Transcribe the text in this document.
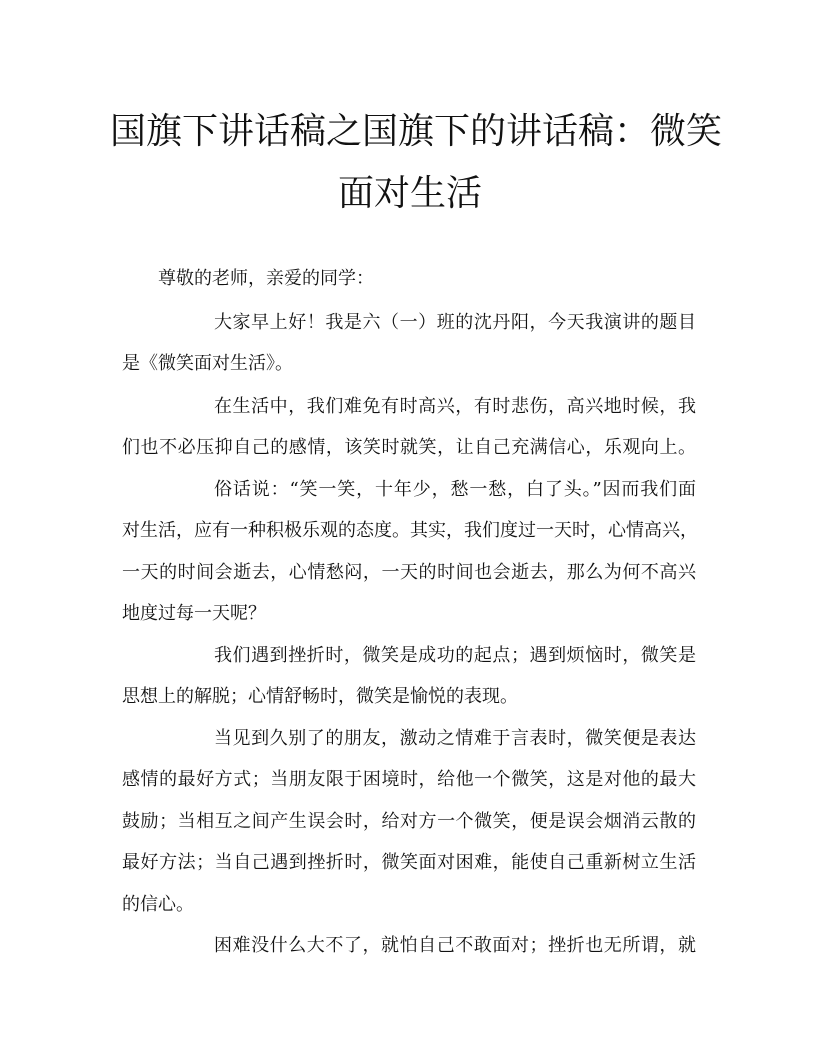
国旗下讲话稿之国旗下的讲话稿：微笑
面对生活
尊敬的老师，亲爱的同学：
大家早上好！我是六（一）班的沈丹阳，今天我演讲的题目
是《微笑面对生活》。
在生活中，我们难免有时高兴，有时悲伤，高兴地时候，我
们也不必压抑自己的感情，该笑时就笑，让自己充满信心，乐观向上。
俗话说：“笑一笑，十年少，愁一愁，白了头。”因而我们面
对生活，应有一种积极乐观的态度。其实，我们度过一天时，心情高兴，
一天的时间会逝去，心情愁闷，一天的时间也会逝去，那么为何不高兴
地度过每一天呢？
我们遇到挫折时，微笑是成功的起点；遇到烦恼时，微笑是
思想上的解脱；心情舒畅时，微笑是愉悦的表现。
当见到久别了的朋友，激动之情难于言表时，微笑便是表达
感情的最好方式；当朋友限于困境时，给他一个微笑，这是对他的最大
鼓励；当相互之间产生误会时，给对方一个微笑，便是误会烟消云散的
最好方法；当自己遇到挫折时，微笑面对困难，能使自己重新树立生活
的信心。
困难没什么大不了，就怕自己不敢面对；挫折也无所谓，就
